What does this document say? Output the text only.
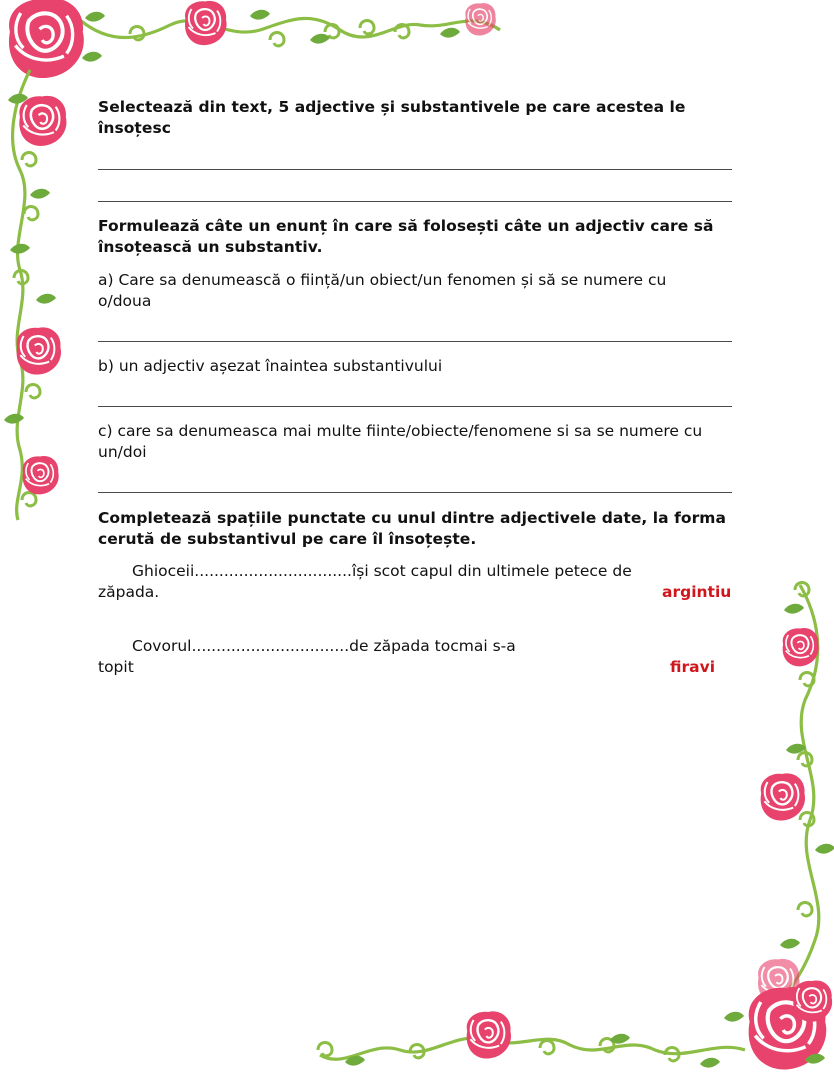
Selectează din text, 5 adjective și substantivele pe care acestea le însoțesc
Formulează câte un enunț în care să folosești câte un adjectiv care să însoțească un substantiv.
a) Care sa denumească o ființă/un obiect/un fenomen și să se numere cu o/doua
b) un adjectiv așezat înaintea substantivului
c) care sa denumeasca mai multe fiinte/obiecte/fenomene si sa se numere cu un/doi
Completează spațiile punctate cu unul dintre adjectivele date, la forma cerută de substantivul pe care îl însoțește.
Ghioceii................................își scot capul din ultimele petece de
zăpada.	argintiu
Covorul................................de zăpada tocmai s-a
topit	firavi
